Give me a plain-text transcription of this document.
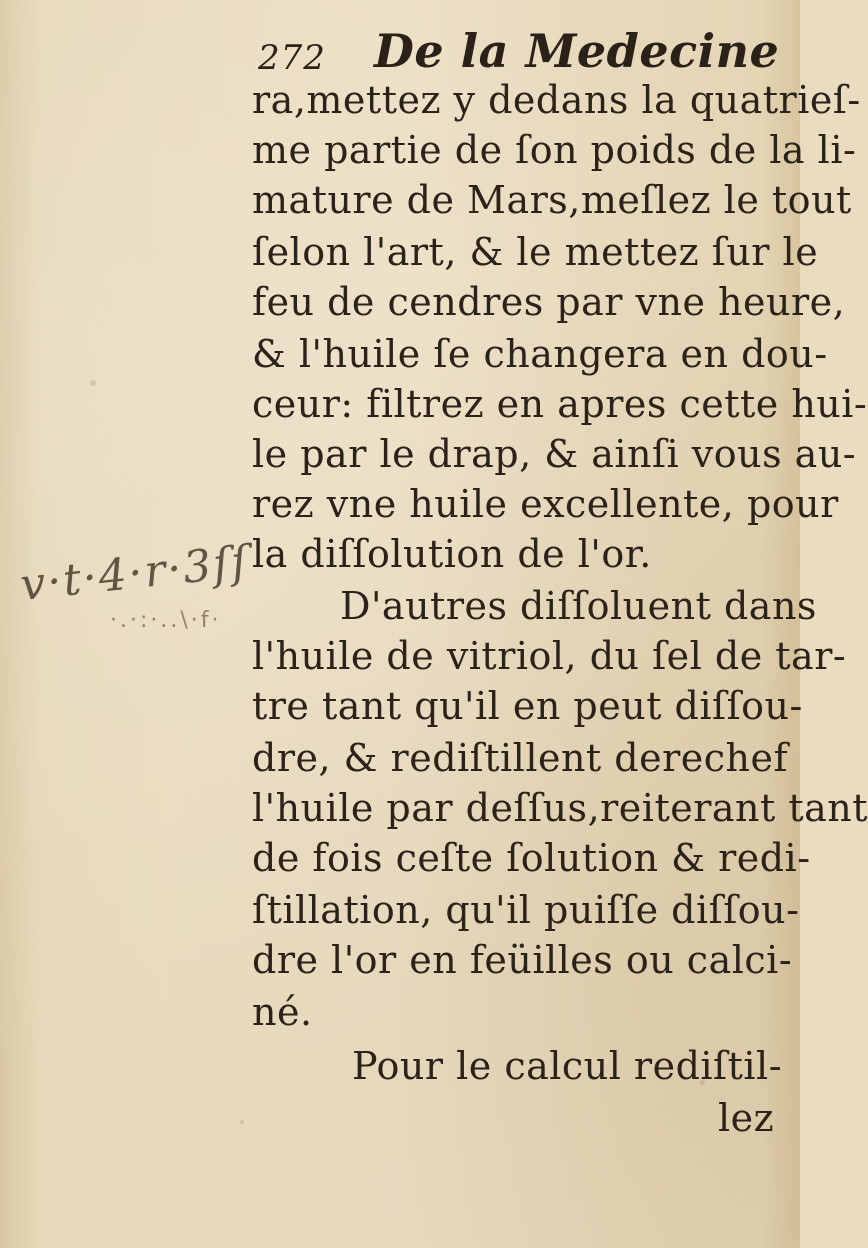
272 De la Medecine
v·t·4·r·3ſſ
·.·:·..\·f·
ra,mettez y dedans la quatrieſ-
me partie de ſon poids de la li-
mature de Mars,meſlez le tout
ſelon l'art, & le mettez ſur le
feu de cendres par vne heure,
& l'huile ſe changera en dou-
ceur: filtrez en apres cette hui-
le par le drap, & ainſi vous au-
rez vne huile excellente, pour
la diſſolution de l'or.
D'autres diſſoluent dans
l'huile de vitriol, du ſel de tar-
tre tant qu'il en peut diſſou-
dre, & rediſtillent derechef
l'huile par deſſus,reiterant tant
de fois ceſte ſolution & redi-
ſtillation, qu'il puiſſe diſſou-
dre l'or en feüilles ou calci-
né.
Pour le calcul rediſtil-
lez
